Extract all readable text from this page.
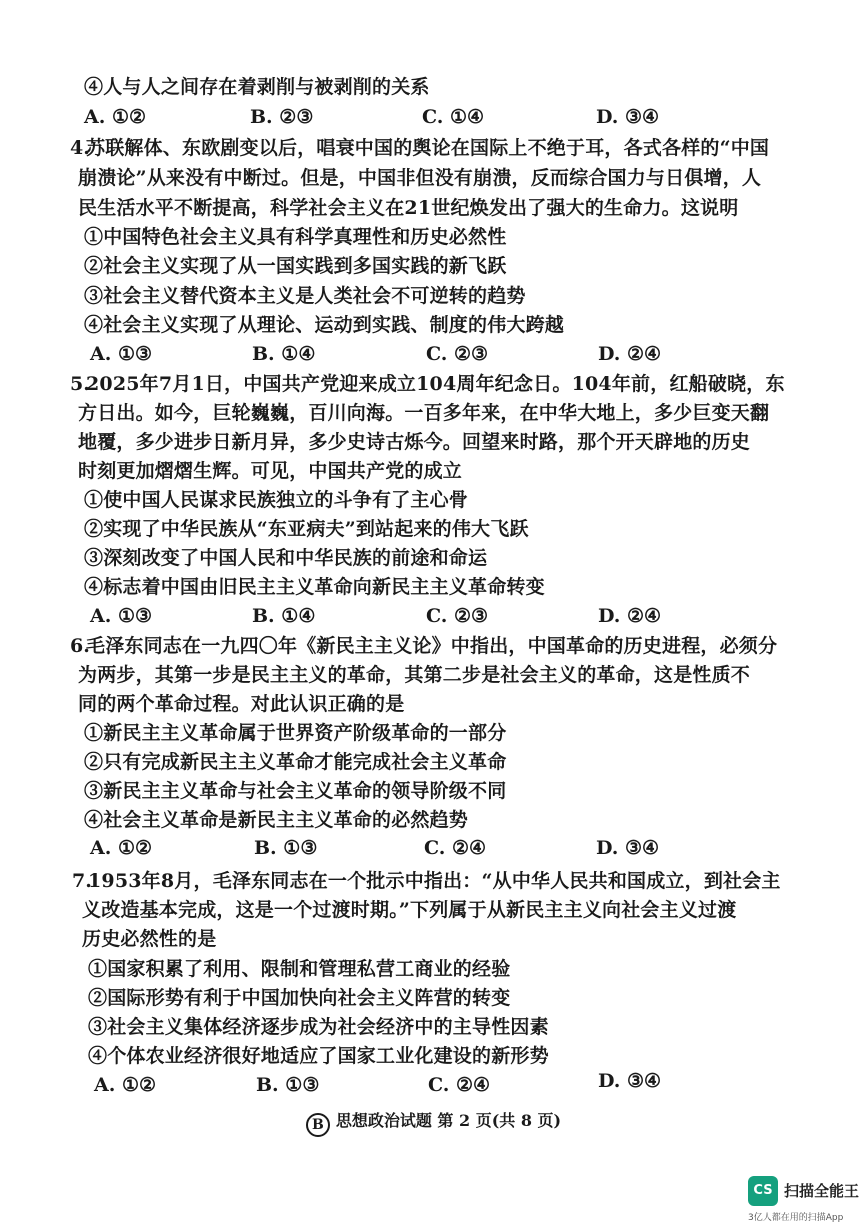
④人与人之间存在着剥削与被剥削的关系
A. ①②	B. ②③	C. ①④	D. ③④
4.
苏联解体、东欧剧变以后，唱衰中国的舆论在国际上不绝于耳，各式各样的“中国
崩溃论”从来没有中断过。但是，中国非但没有崩溃，反而综合国力与日俱增，人
民生活水平不断提高，科学社会主义在21世纪焕发出了强大的生命力。这说明
①中国特色社会主义具有科学真理性和历史必然性
②社会主义实现了从一国实践到多国实践的新飞跃
③社会主义替代资本主义是人类社会不可逆转的趋势
④社会主义实现了从理论、运动到实践、制度的伟大跨越
A. ①③	B. ①④	C. ②③	D. ②④
5.
2025年7月1日，中国共产党迎来成立104周年纪念日。104年前，红船破晓，东
方日出。如今，巨轮巍巍，百川向海。一百多年来，在中华大地上，多少巨变天翻
地覆，多少进步日新月异，多少史诗古烁今。回望来时路，那个开天辟地的历史
时刻更加熠熠生辉。可见，中国共产党的成立
①使中国人民谋求民族独立的斗争有了主心骨
②实现了中华民族从“东亚病夫”到站起来的伟大飞跃
③深刻改变了中国人民和中华民族的前途和命运
④标志着中国由旧民主主义革命向新民主主义革命转变
A. ①③	B. ①④	C. ②③	D. ②④
6.
毛泽东同志在一九四〇年《新民主主义论》中指出，中国革命的历史进程，必须分
为两步，其第一步是民主主义的革命，其第二步是社会主义的革命，这是性质不
同的两个革命过程。对此认识正确的是
①新民主主义革命属于世界资产阶级革命的一部分
②只有完成新民主主义革命才能完成社会主义革命
③新民主主义革命与社会主义革命的领导阶级不同
④社会主义革命是新民主主义革命的必然趋势
A. ①②	B. ①③	C. ②④	D. ③④
7.
1953年8月，毛泽东同志在一个批示中指出：“从中华人民共和国成立，到社会主
义改造基本完成，这是一个过渡时期。”下列属于从新民主主义向社会主义过渡
历史必然性的是
①国家积累了利用、限制和管理私营工商业的经验
②国际形势有利于中国加快向社会主义阵营的转变
③社会主义集体经济逐步成为社会经济中的主导性因素
④个体农业经济很好地适应了国家工业化建设的新形势
A. ①②	B. ①③	C. ②④	D. ③④
B 思想政治试题 第 2 页(共 8 页)
CS 扫描全能王
3亿人都在用的扫描App
